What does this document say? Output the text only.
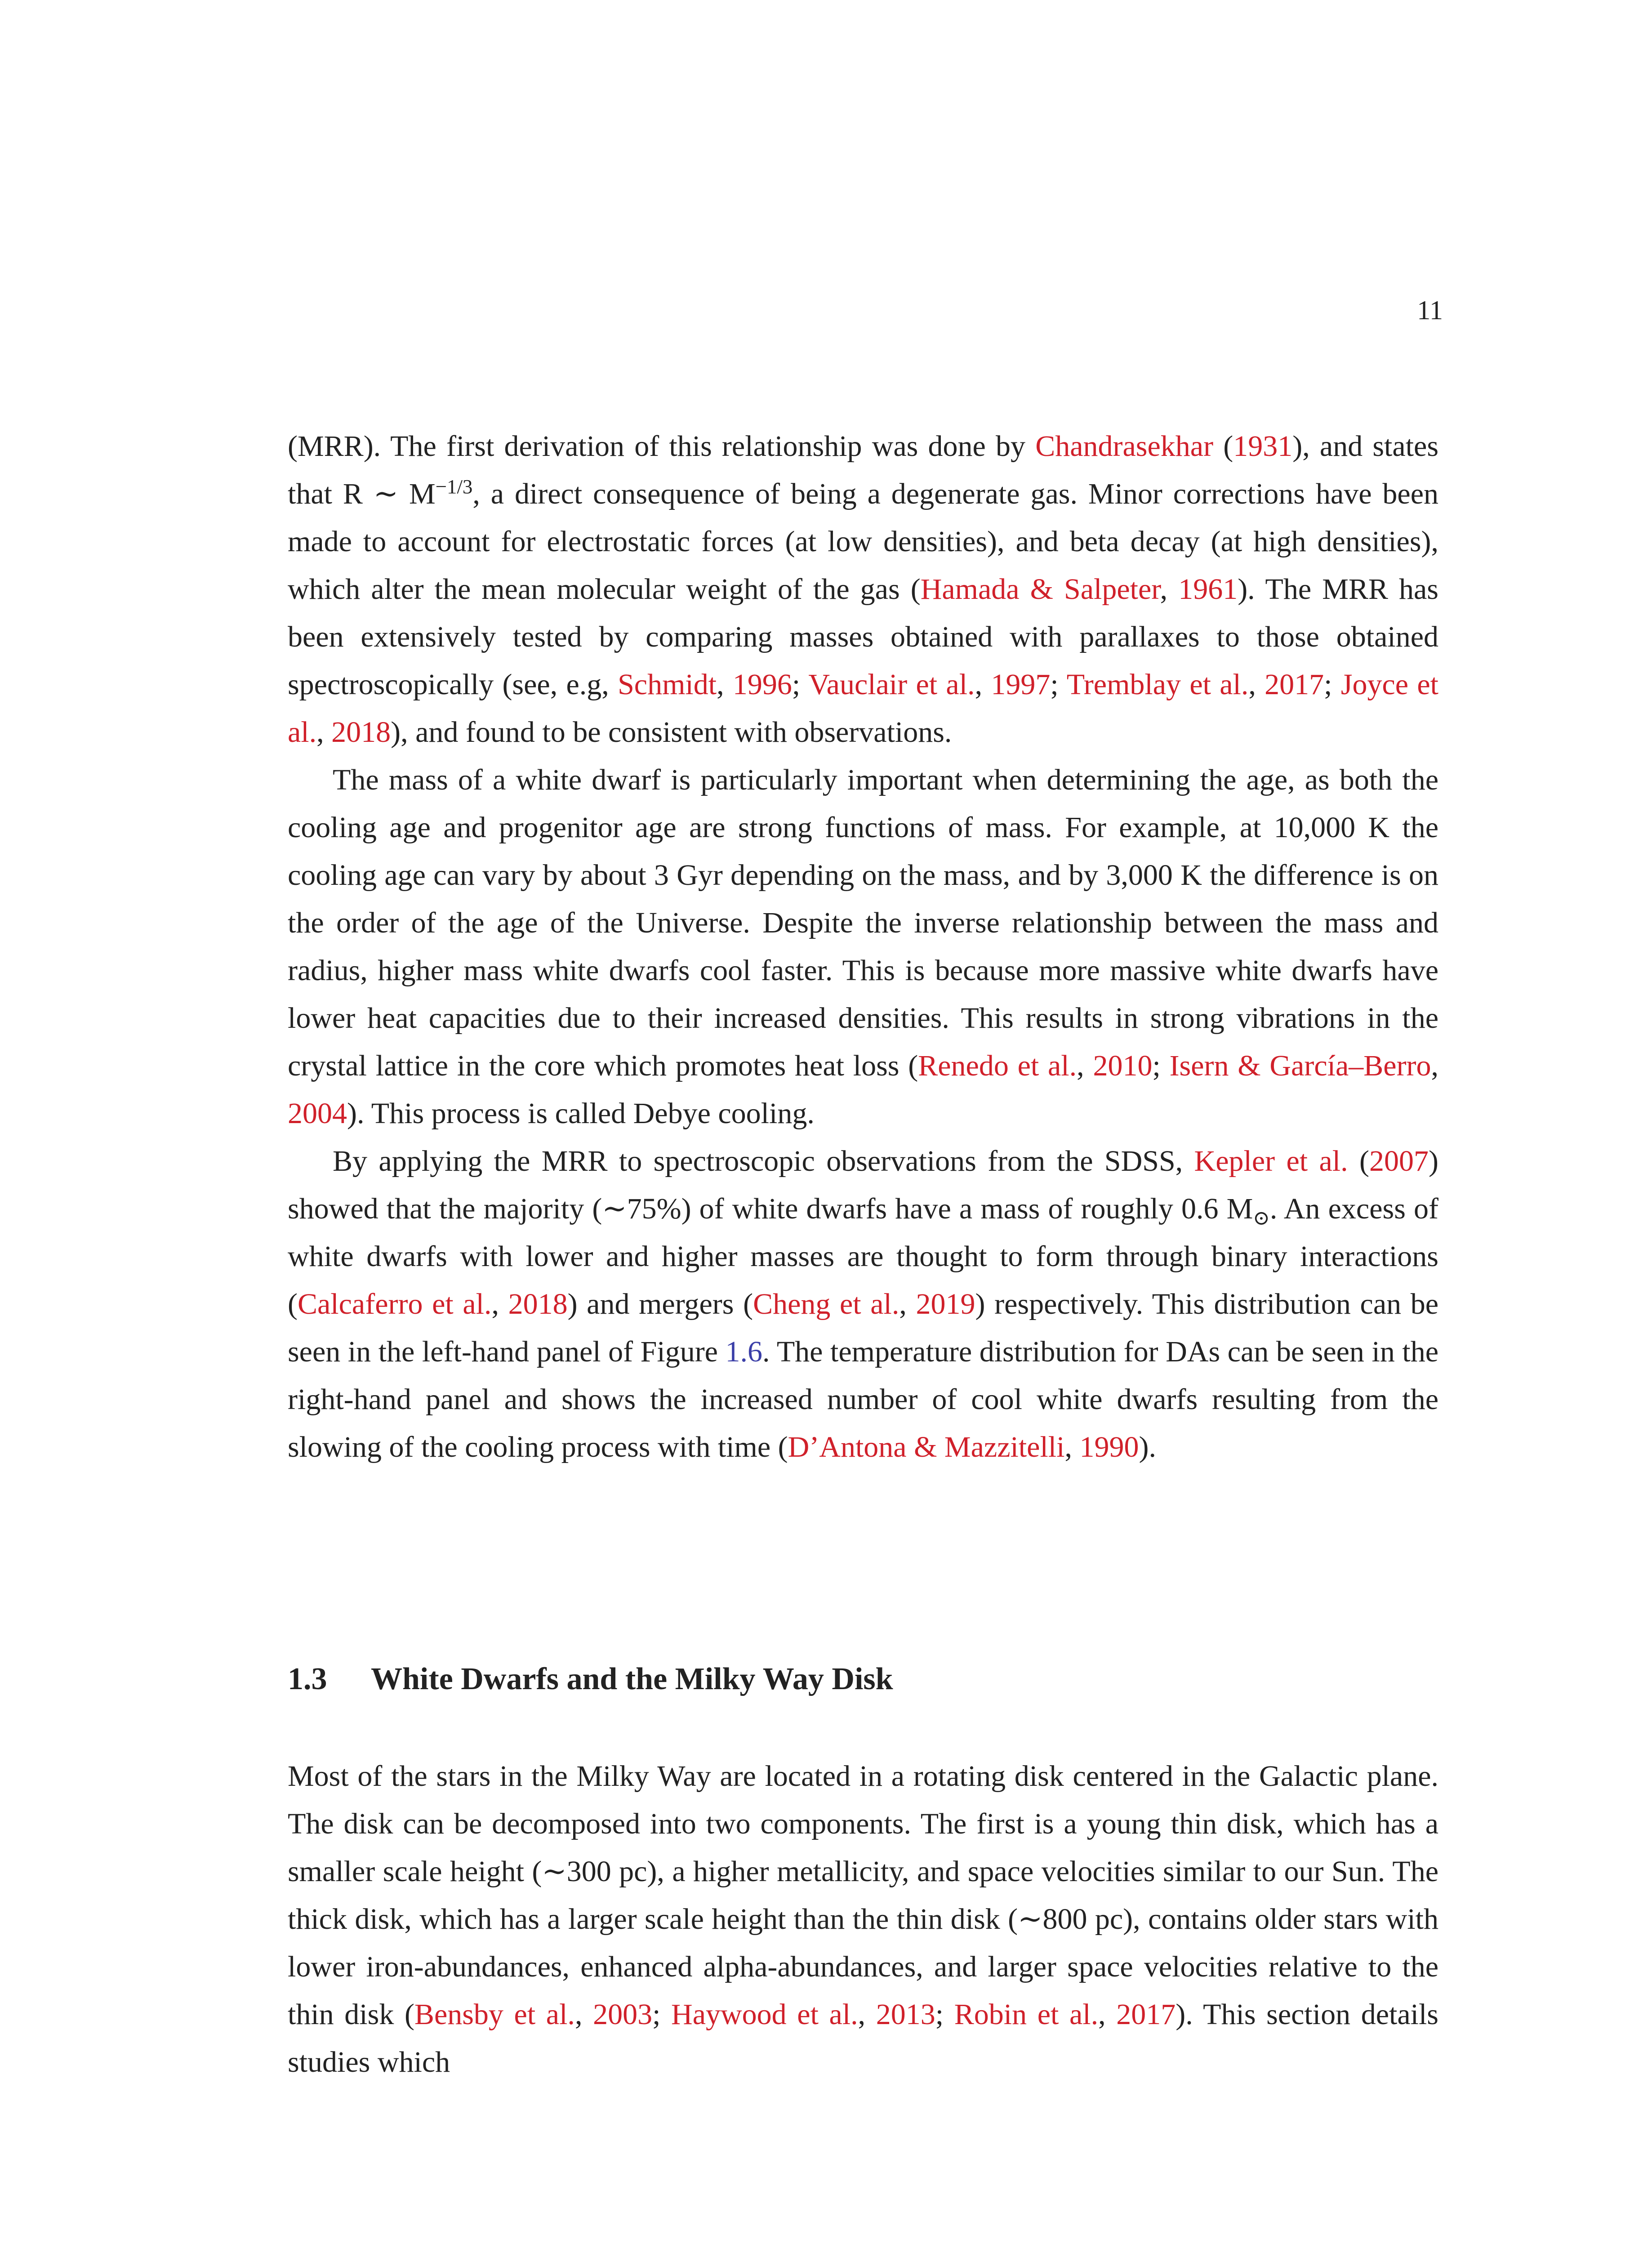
11

(MRR). The first derivation of this relationship was done by Chandrasekhar (1931), and states that R ∼ $M^{-1/3}$, a direct consequence of being a degenerate gas. Minor corrections have been made to account for electrostatic forces (at low densities), and beta decay (at high densities), which alter the mean molecular weight of the gas (Hamada & Salpeter, 1961). The MRR has been extensively tested by comparing masses obtained with parallaxes to those obtained spectroscopically (see, e.g, Schmidt, 1996; Vauclair et al., 1997; Tremblay et al., 2017; Joyce et al., 2018), and found to be consistent with observations.

The mass of a white dwarf is particularly important when determining the age, as both the cooling age and progenitor age are strong functions of mass. For example, at 10,000 K the cooling age can vary by about 3 Gyr depending on the mass, and by 3,000 K the difference is on the order of the age of the Universe. Despite the inverse relationship between the mass and radius, higher mass white dwarfs cool faster. This is because more massive white dwarfs have lower heat capacities due to their increased densities. This results in strong vibrations in the crystal lattice in the core which promotes heat loss (Renedo et al., 2010; Isern & García–Berro, 2004). This process is called Debye cooling.

By applying the MRR to spectroscopic observations from the SDSS, Kepler et al. (2007) showed that the majority (∼75%) of white dwarfs have a mass of roughly 0.6 $M_⊙$. An excess of white dwarfs with lower and higher masses are thought to form through binary interactions (Calcaferro et al., 2018) and mergers (Cheng et al., 2019) respectively. This distribution can be seen in the left-hand panel of Figure 1.6. The temperature distribution for DAs can be seen in the right-hand panel and shows the increased number of cool white dwarfs resulting from the slowing of the cooling process with time (D’Antona & Mazzitelli, 1990).

1.3 White Dwarfs and the Milky Way Disk

Most of the stars in the Milky Way are located in a rotating disk centered in the Galactic plane. The disk can be decomposed into two components. The first is a young thin disk, which has a smaller scale height (∼300 pc), a higher metallicity, and space velocities similar to our Sun. The thick disk, which has a larger scale height than the thin disk (∼800 pc), contains older stars with lower iron-abundances, enhanced alpha-abundances, and larger space velocities relative to the thin disk (Bensby et al., 2003; Haywood et al., 2013; Robin et al., 2017). This section details studies which
